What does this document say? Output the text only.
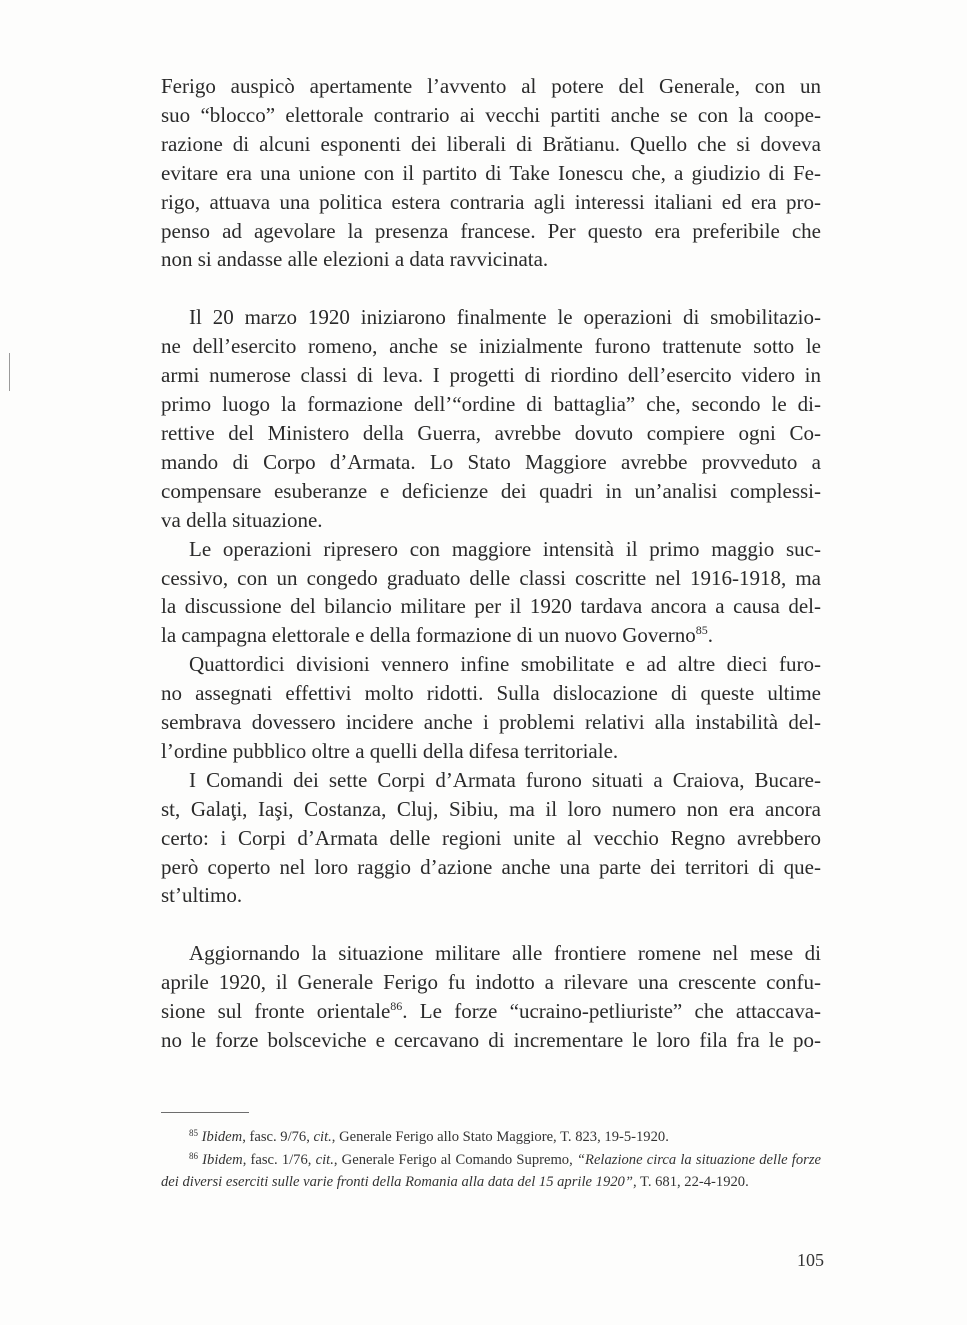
Ferigo auspicò apertamente l’avvento al potere del Generale, con un

suo “blocco” elettorale contrario ai vecchi partiti anche se con la coope-

razione di alcuni esponenti dei liberali di Brătianu. Quello che si doveva

evitare era una unione con il partito di Take Ionescu che, a giudizio di Fe-

rigo, attuava una politica estera contraria agli interessi italiani ed era pro-

penso ad agevolare la presenza francese. Per questo era preferibile che

non si andasse alle elezioni a data ravvicinata.

Il 20 marzo 1920 iniziarono finalmente le operazioni di smobilitazio-

ne dell’esercito romeno, anche se inizialmente furono trattenute sotto le

armi numerose classi di leva. I progetti di riordino dell’esercito videro in

primo luogo la formazione dell’“ordine di battaglia” che, secondo le di-

rettive del Ministero della Guerra, avrebbe dovuto compiere ogni Co-

mando di Corpo d’Armata. Lo Stato Maggiore avrebbe provveduto a

compensare esuberanze e deficienze dei quadri in un’analisi complessi-

va della situazione.

Le operazioni ripresero con maggiore intensità il primo maggio suc-

cessivo, con un congedo graduato delle classi coscritte nel 1916-1918, ma

la discussione del bilancio militare per il 1920 tardava ancora a causa del-

la campagna elettorale e della formazione di un nuovo Governo$^{85}$.

Quattordici divisioni vennero infine smobilitate e ad altre dieci furo-

no assegnati effettivi molto ridotti. Sulla dislocazione di queste ultime

sembrava dovessero incidere anche i problemi relativi alla instabilità del-

l’ordine pubblico oltre a quelli della difesa territoriale.

I Comandi dei sette Corpi d’Armata furono situati a Craiova, Bucare-

st, Galaţi, Iaşi, Costanza, Cluj, Sibiu, ma il loro numero non era ancora

certo: i Corpi d’Armata delle regioni unite al vecchio Regno avrebbero

però coperto nel loro raggio d’azione anche una parte dei territori di que-

st’ultimo.

Aggiornando la situazione militare alle frontiere romene nel mese di

aprile 1920, il Generale Ferigo fu indotto a rilevare una crescente confu-

sione sul fronte orientale$^{86}$. Le forze “ucraino-petliuriste” che attaccava-

no le forze bolsceviche e cercavano di incrementare le loro fila fra le po-

$^{85}$ Ibidem, fasc. 9/76, cit., Generale Ferigo allo Stato Maggiore, T. 823, 19-5-1920.

$^{86}$ Ibidem, fasc. 1/76, cit., Generale Ferigo al Comando Supremo, “Relazione circa la situazione delle forze dei diversi eserciti sulle varie fronti della Romania alla data del 15 aprile 1920”, T. 681, 22-4-1920.

105
